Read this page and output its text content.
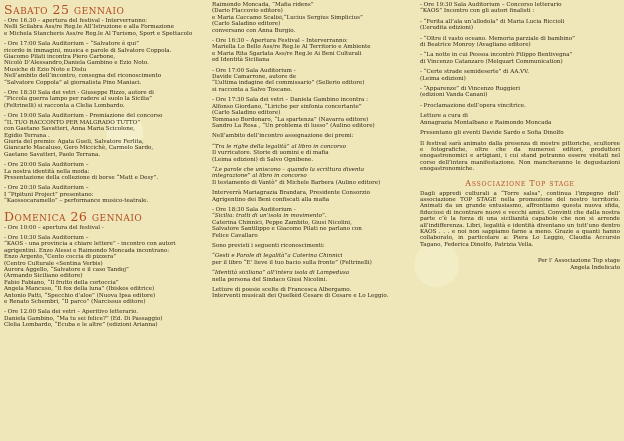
Sabato 25 gennaio
- Ore 16.30 – apertura del festival - Interverranno:
Nelli Scilabra Ass/re Reg.le All’Istruzione e alla Formazione
e Michela Stancheris Ass/re Reg.le Al Turismo, Sport e Spettacolo
- Ore 17:00 Sala Auditorium – “Salvatore è qui”
ricordo in immagini, musica e parole di Salvatore Coppola.
Giacomo Pilati incontra Piero Carbone,
Nicolò D’Alessandro,Daniela Gambino e Ezio Noto.
Musiche di Ezio Noto e Dislu
Nell’ambito dell’incontro, consegna del riconoscimento
“Salvatore Coppola” al giornalista Pino Maniaci.
- Ore 18:30 Sala dei vetri - Giuseppe Rizzo, autore di
“Piccola guerra lampo per radere al suolo la Sicilia”
(Feltrinelli) si racconta a Clelia Lombardo.
- Ore 19:00 Sala Auditorium - Premiazione del concorso
“IL TUO RACCONTO PER MALGRADO TUTTO”
con Gaetano Savatteri, Anna Maria Scicolone,
Egidio Terrana .
Giuria del premio: Agata Gueli, Salvatore Ferlita,
Giancarlo Macaluso, Gero Miccichè, Carmelo Sardo,
Gaetano Savatteri, Paolo Terrana.
- Ore 20:00 Sala Auditorium –
La nostra identità nella moda:
Presentazione della collezione di borse “Matt e Desy”.
- Ore 20:30 Sala Auditorium –
I “Pipituni Project” presentano:
“Kaossocaramello” – performance musico-teatrale.
Domenica 26 gennaio
- Ore 10:00 – apertura del festival -
- Ore 10:30 Sala Auditorium –
“KAOS - una provincia a chiare lettere” - incontro con autori
agrigentini. Enzo Alessi e Raimondo Moncada incontrano:
Enzo Argento,“Cento coccia di pizzera”
(Centro Culturale «Sentina Verbis)
Aurora Aggello, “Salvatore e il caso Tandoj”
(Armando Siciliano editore)
Fabio Fabiano, “Il frutto della cortoccia”
Angela Mancuso, “Il fox della luna” (Ibiskos editrice)
Antonio Patti, “Specchio d’aloe” (Nuova Ipsa editore)
e Renato Schembri, “Il parco” (Narcissus editore)
- Ore 12.00 Sala dei vetri – Aperitivo letterario.
Daniela Gambino, “Ma tu sei felice?” (Ed. Di Passaggio)
Clelia Lombardo, “Ecuba e le altre” (edizioni Arianna)
Raimondo Moncada, “Mafia ridens”
(Dario Flaccovio editore)
e Maria Caccamo Scalisi,“Lucius Sergius Simplicius”
(Carlo Saladino editore)
conversano con Anna Burgio.
- Ore 16:30 – Apertura Festival – Interverranno:
Mariella Lo Bello Ass/re Reg.le Al Territorio e Ambiente
e Maria Rita Sgarlata Ass/re Reg.le Ai Beni Culturali
ed Identità Siciliana
- Ore 17:00 Sala Auditorium -
Davide Camarrone, autore de
“L’ultima indagine del commissario” (Sellerio editore)
si racconta a Salvo Toscano.
- Ore 17:30 Sala dei vetri – Daniela Gambino incontra :
Alfonso Giordano, “Liriche per sinfonia concertante”
(Carlo Saladino editore)
Tommaso Bordonaro, “La spartenza” (Navarra editore)
Sandro La Rosa , “Un problema di lusso” (Aulino editore)
Nell’ambito dell’incontro assegnazione dei premi:
“Tra le righe della legalità” al libro in concorso
Il vurricatore. Storie di uomini e di mafia
(Leima edizioni) di Salvo Ognibene.
“Le parole che uniscono – quando la scrittura diventa
integrazione” al libro in concorso
Il testamento di Vantò” di Michele Barbera (Aulino editore)
Interverrà Mariagrazia Brandara, Presidente Consorzio
Agrigentino dei Beni confiscati alla mafia
- Ore 18:30 Sala Auditorium -
“Sicilia: tratti di un’isola in movimento”.
Caterina Chinnici, Peppe Zambito, Giusi Nicolini,
Salvatore Santilippo e Giacomo Pilati ne parlano con
Felice Cavallaro
Sono previsti i seguenti riconoscimenti:
“Gesti e Parole di legalità”a Caterina Chinnici
per il libro “E’ lieve il tuo bacio sulla fronte” (Feltrinelli)
“Identità siciliana” all’intera isola di Lampedusa
nella persona del Sindaco Giusi Nicolini.
Letture di poesie scelte di Francesca Albergamo.
Interventi musicali dei Quelkèd Cesare di Cesare e Lo Leggio.
- Ore 19:30 Sala Auditorium – Concorso letterario
“KAOS” Incontro con gli autori finalisti :
- “Ferita all’ala un’allodola” di Maria Lucia Riccioli
(L’erudita edizioni)
- “Oltre il vasto oceano. Memoria parziale di bambino”
di Beatrice Monroy (Avagliano editore)
- “La notte in cui Pessoa incontrò Filippo Bentivegna”
di Vincenzo Catanzaro (Melquart Communication)
- “Certe strade semideserte” di AA.VV.
(Leima edizioni)
- “Apparenze” di Vincenzo Ruggieri
(edizioni Vanda Canani)
- Proclamazione dell’opera vincitrice.
Letture a cura di
Annagrazia Montalbano e Raimondo Moncada
Presentano gli eventi Davide Sardo e Sofia Dinolfo
Il festival sarà animato dalla presenza di mostre pittoriche, scultoree e fotografiche, oltre che da numerosi editori, produttori enogastronomici e artigiani, i cui stand potranno essere visitati nel corso dell’intera manifestazione. Non mancheranno le degustazioni enogastronomiche.
Associazione Top stage
Dagli appredi culturali a “Torre salsa”, continua l’impegno dell’ associazione TOP STAGE nella promozione del nostro territorio. Animati da un grande entusiasmo, affrontiamo questa nuova sfida, fiduciosi di incontrare nuovi e vecchi amici. Convinti che dalla nostra parte c’è la forza di una sicilianità capabole che non si arrende all’indifferenza. Libri, legalità e identità diventano un tutt’uno dentro KAOS . . . e noi non sappiamo farne a meno. Grazie a quanti hanno collaborato, in particolare a: Piera Lo Leggio, Claudia Accursio Tagano, Federica Dinolfo, Patrizia Vella.
Per l’ Associazione Top stage
Angela Indelicato
